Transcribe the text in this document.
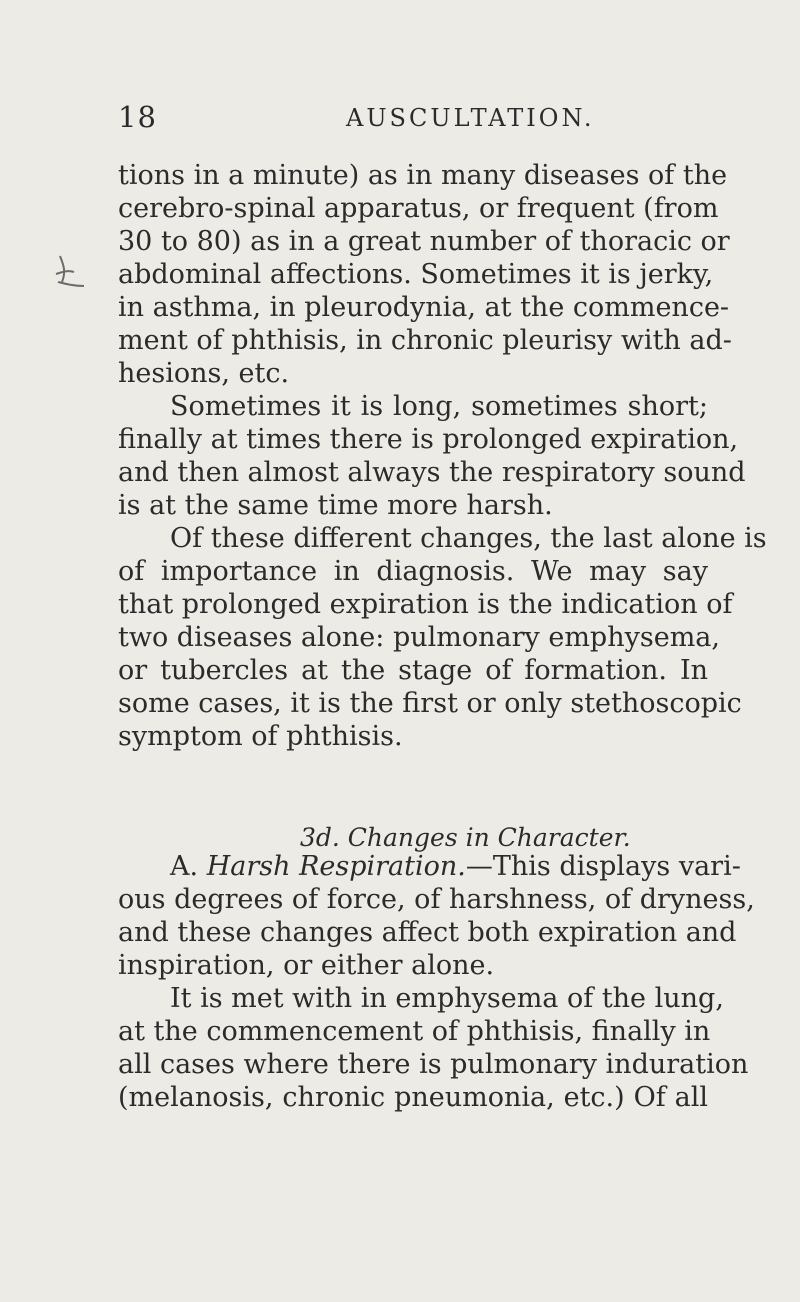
18	AUSCULTATION.
tions in a minute) as in many diseases of the
cerebro-spinal apparatus, or frequent (from
30 to 80) as in a great number of thoracic or
abdominal affections. Sometimes it is jerky,
in asthma, in pleurodynia, at the commence-
ment of phthisis, in chronic pleurisy with ad-
hesions, etc.
Sometimes it is long, sometimes short;
finally at times there is prolonged expiration,
and then almost always the respiratory sound
is at the same time more harsh.
Of these different changes, the last alone is
of importance in diagnosis. We may say
that prolonged expiration is the indication of
two diseases alone: pulmonary emphysema,
or tubercles at the stage of formation. In
some cases, it is the first or only stethoscopic
symptom of phthisis.
3d. Changes in Character.
A. Harsh Respiration.—This displays vari-
ous degrees of force, of harshness, of dryness,
and these changes affect both expiration and
inspiration, or either alone.
It is met with in emphysema of the lung,
at the commencement of phthisis, finally in
all cases where there is pulmonary induration
(melanosis, chronic pneumonia, etc.) Of all
